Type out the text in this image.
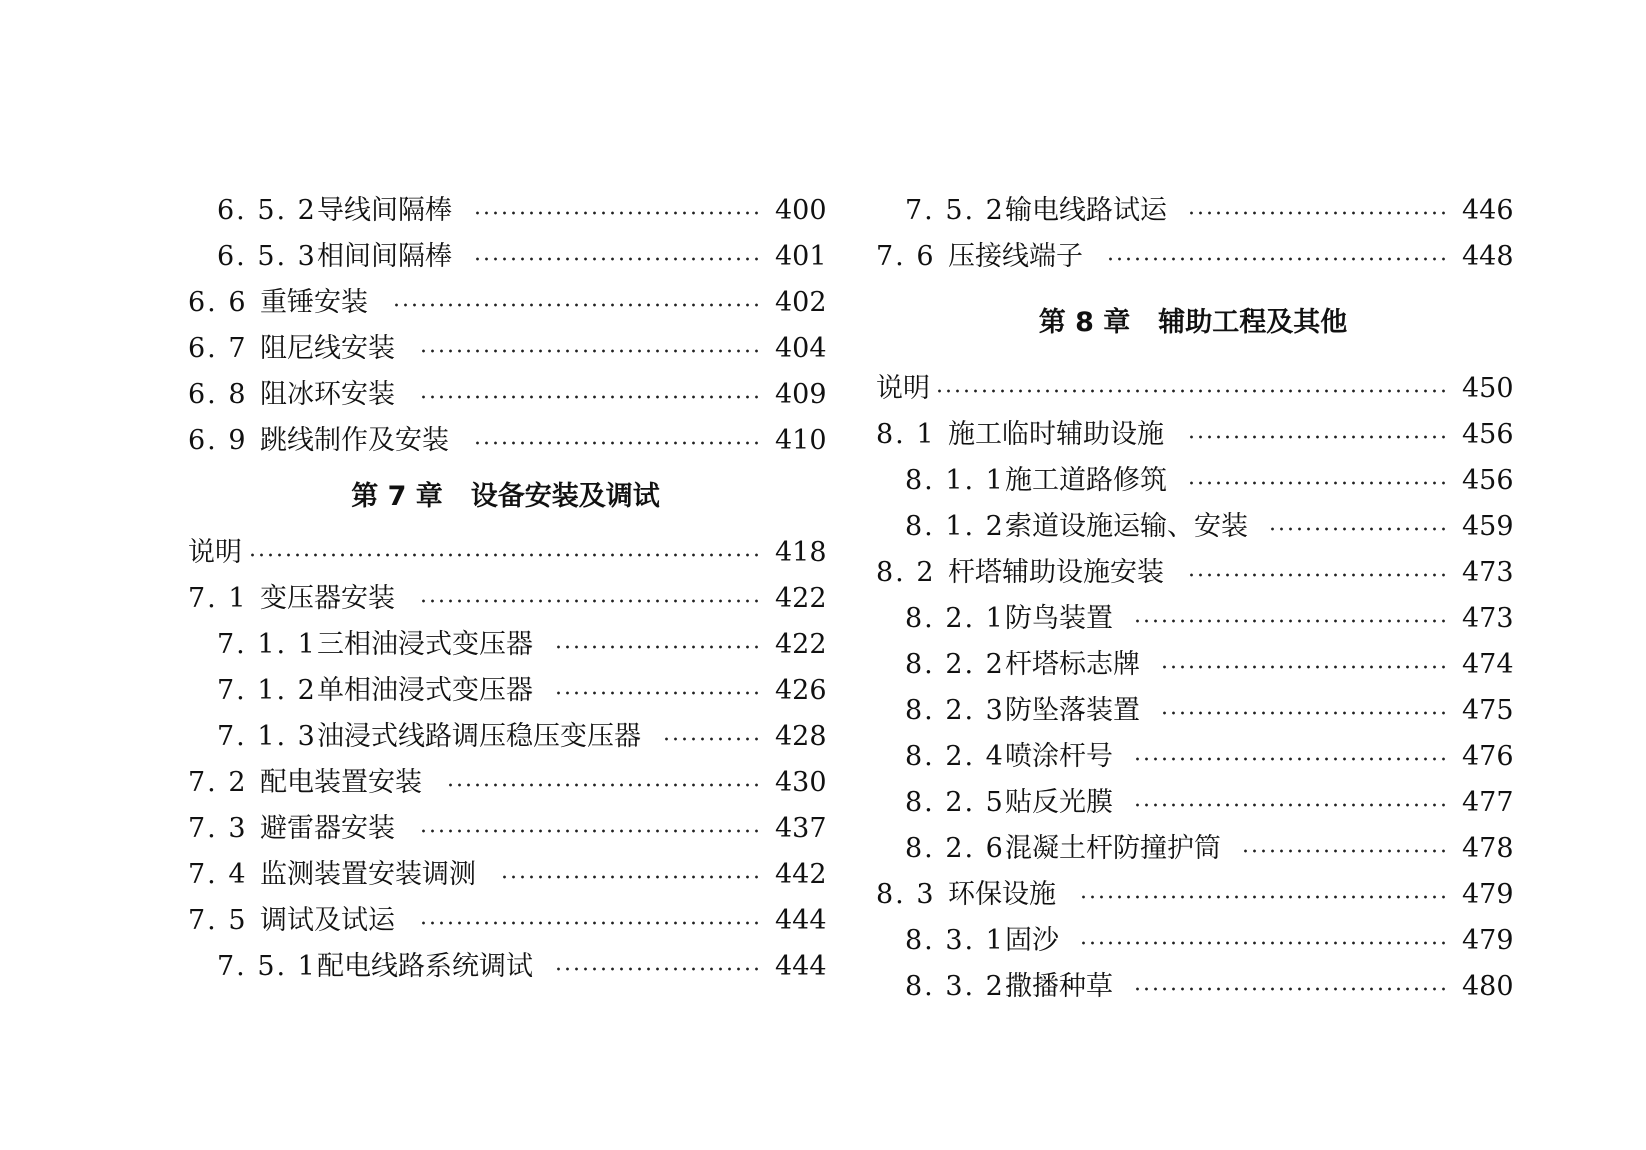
6. 5. 2 导线间隔棒	400
6. 5. 3 相间间隔棒	401
6. 6 重锤安装	402
6. 7 阻尼线安装	404
6. 8 阻冰环安装	409
6. 9 跳线制作及安装	410
第 7 章 设备安装及调试
说明	418
7. 1 变压器安装	422
7. 1. 1 三相油浸式变压器	422
7. 1. 2 单相油浸式变压器	426
7. 1. 3 油浸式线路调压稳压变压器	428
7. 2 配电装置安装	430
7. 3 避雷器安装	437
7. 4 监测装置安装调测	442
7. 5 调试及试运	444
7. 5. 1 配电线路系统调试	444
7. 5. 2 输电线路试运	446
7. 6 压接线端子	448
第 8 章 辅助工程及其他
说明	450
8. 1 施工临时辅助设施	456
8. 1. 1 施工道路修筑	456
8. 1. 2 索道设施运输、安装	459
8. 2 杆塔辅助设施安装	473
8. 2. 1 防鸟装置	473
8. 2. 2 杆塔标志牌	474
8. 2. 3 防坠落装置	475
8. 2. 4 喷涂杆号	476
8. 2. 5 贴反光膜	477
8. 2. 6 混凝土杆防撞护筒	478
8. 3 环保设施	479
8. 3. 1 固沙	479
8. 3. 2 撒播种草	480
